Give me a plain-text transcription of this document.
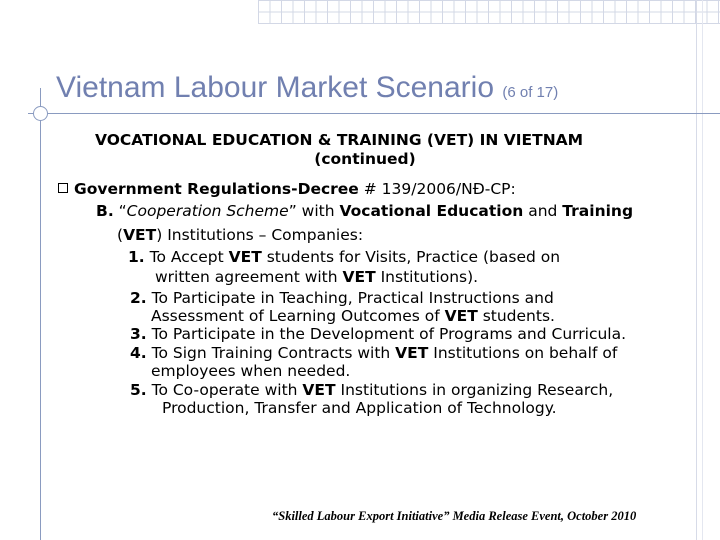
Vietnam Labour Market Scenario (6 of 17)
VOCATIONAL EDUCATION & TRAINING (VET) IN VIETNAM
(continued)
Government Regulations-Decree # 139/2006/NĐ-CP:
B. “Cooperation Scheme” with Vocational Education and Training
(VET) Institutions – Companies:
1. To Accept VET students for Visits, Practice (based on
written agreement with VET Institutions).
2. To Participate in Teaching, Practical Instructions and
Assessment of Learning Outcomes of VET students.
3. To Participate in the Development of Programs and Curricula.
4. To Sign Training Contracts with VET Institutions on behalf of
employees when needed.
5. To Co-operate with VET Institutions in organizing Research,
Production, Transfer and Application of Technology.
“Skilled Labour Export Initiative” Media Release Event, October 2010
